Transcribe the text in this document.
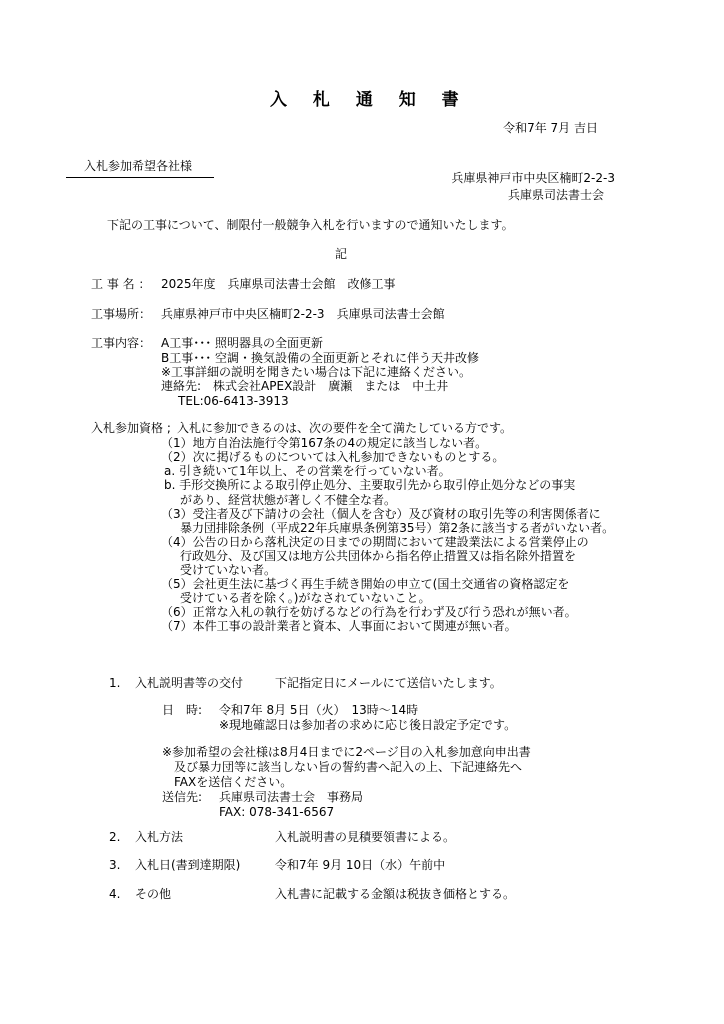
入 札 通 知 書
令和7年 7月 吉日
入札参加希望各社様
兵庫県神戸市中央区楠町2-2-3
兵庫県司法書士会
下記の工事について、制限付一般競争入札を行いますので通知いたします。
記
工 事 名 ： 2025年度　兵庫県司法書士会館　改修工事
工事場所： 兵庫県神戸市中央区楠町2-2-3　兵庫県司法書士会館
工事内容： A工事･･･ 照明器具の全面更新
B工事･･･ 空調・換気設備の全面更新とそれに伴う天井改修
※工事詳細の説明を聞きたい場合は下記に連絡ください。
連絡先:　株式会社APEX設計　廣瀬　または　中土井
TEL:06-6413-3913
入札参加資格 ; 入札に参加できるのは、次の要件を全て満たしている方です。
（1）地方自治法施行令第167条の4の規定に該当しない者。
（2）次に掲げるものについては入札参加できないものとする。
a. 引き続いて1年以上、その営業を行っていない者。
b. 手形交換所による取引停止処分、主要取引先から取引停止処分などの事実
があり、経営状態が著しく不健全な者。
（3）受注者及び下請けの会社（個人を含む）及び資材の取引先等の利害関係者に
暴力団排除条例（平成22年兵庫県条例第35号）第2条に該当する者がいない者。
（4）公告の日から落札決定の日までの期間において建設業法による営業停止の
行政処分、及び国又は地方公共団体から指名停止措置又は指名除外措置を
受けていない者。
（5）会社更生法に基づく再生手続き開始の申立て(国土交通省の資格認定を
受けている者を除く。)がなされていないこと。
（6）正常な入札の執行を妨げるなどの行為を行わず及び行う恐れが無い者。
（7）本件工事の設計業者と資本、人事面において関連が無い者。
1. 入札説明書等の交付	下記指定日にメールにて送信いたします。
日　時: 令和7年 8月 5日（火）　13時～14時
※現地確認日は参加者の求めに応じ後日設定予定です。
※参加希望の会社様は8月4日までに2ページ目の入札参加意向申出書
及び暴力団等に該当しない旨の誓約書へ記入の上、下記連絡先へ
FAXを送信ください。
送信先: 兵庫県司法書士会　事務局
FAX: 078-341-6567
2. 入札方法	入札説明書の見積要領書による。
3. 入札日(書到達期限)	令和7年 9月 10日（水）午前中
4. その他	入札書に記載する金額は税抜き価格とする。
